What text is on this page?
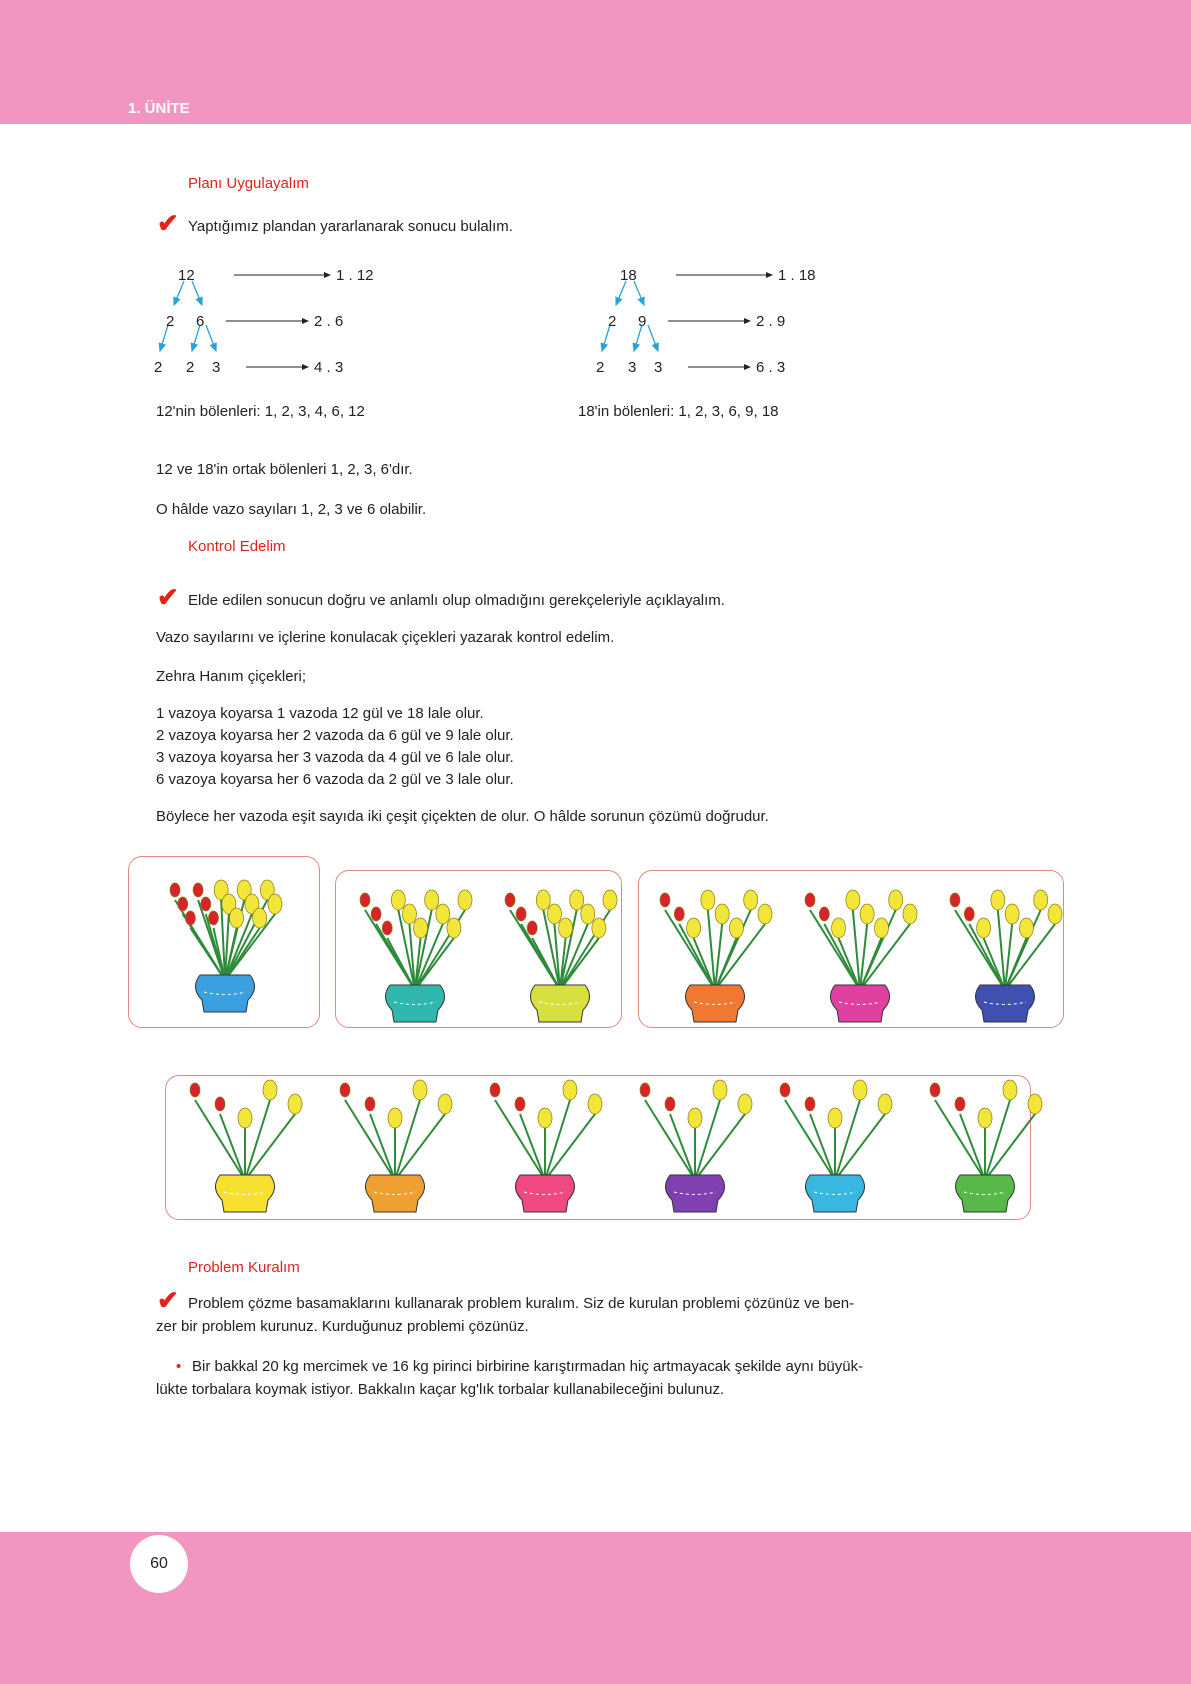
1. ÜNİTE
Planı Uygulayalım
✔ Yaptığımız plandan yararlanarak sonucu bulalım.
12	1 . 12
2 6	2 . 6
2 2 3	4 . 3
12'nin bölenleri: 1, 2, 3, 4, 6, 12
18	1 . 18
2 9	2 . 9
2 3 3	6 . 3
18'in bölenleri: 1, 2, 3, 6, 9, 18
12 ve 18'in ortak bölenleri 1, 2, 3, 6'dır.
O hâlde vazo sayıları 1, 2, 3 ve 6 olabilir.
Kontrol Edelim
✔ Elde edilen sonucun doğru ve anlamlı olup olmadığını gerekçeleriyle açıklayalım.
Vazo sayılarını ve içlerine konulacak çiçekleri yazarak kontrol edelim.
Zehra Hanım çiçekleri;
1 vazoya koyarsa 1 vazoda 12 gül ve 18 lale olur.
2 vazoya koyarsa her 2 vazoda da 6 gül ve 9 lale olur.
3 vazoya koyarsa her 3 vazoda da 4 gül ve 6 lale olur.
6 vazoya koyarsa her 6 vazoda da 2 gül ve 3 lale olur.
Böylece her vazoda eşit sayıda iki çeşit çiçekten de olur. O hâlde sorunun çözümü doğrudur.
Problem Kuralım
✔ Problem çözme basamaklarını kullanarak problem kuralım. Siz de kurulan problemi çözünüz ve ben-
zer bir problem kurunuz. Kurduğunuz problemi çözünüz.
• Bir bakkal 20 kg mercimek ve 16 kg pirinci birbirine karıştırmadan hiç artmayacak şekilde aynı büyük-
lükte torbalara koymak istiyor. Bakkalın kaçar kg'lık torbalar kullanabileceğini bulunuz.
60
